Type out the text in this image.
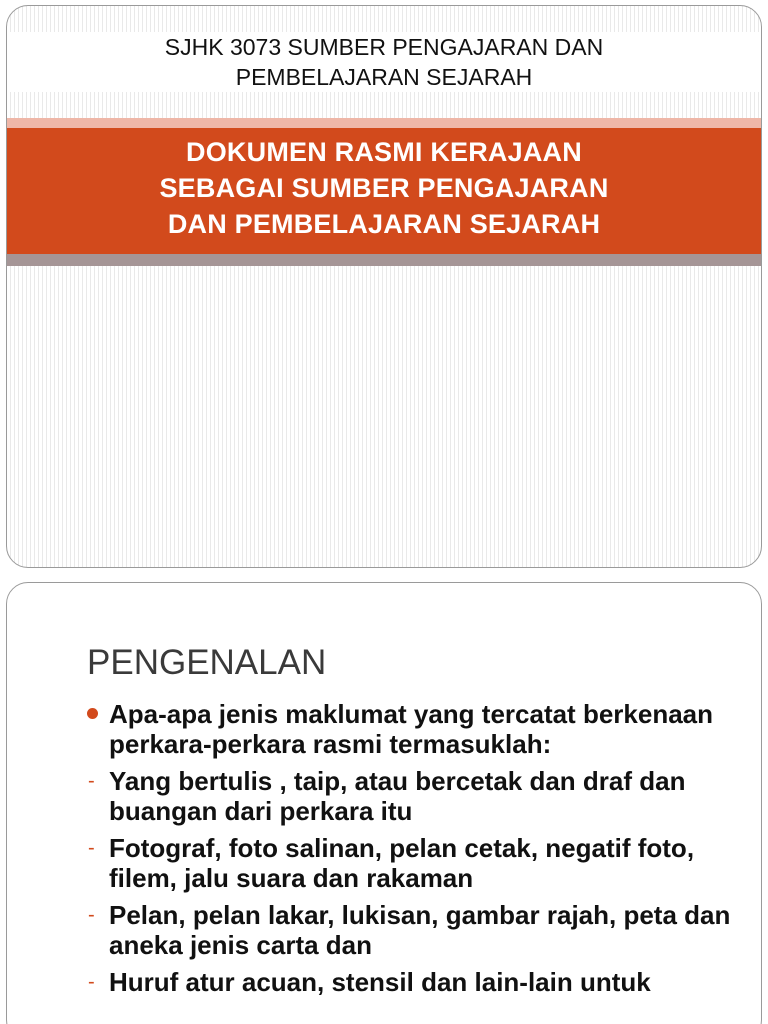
SJHK 3073 SUMBER PENGAJARAN DAN
PEMBELAJARAN SEJARAH
DOKUMEN RASMI KERAJAAN
SEBAGAI SUMBER PENGAJARAN
DAN PEMBELAJARAN SEJARAH
PENGENALAN
Apa-apa jenis maklumat yang tercatat berkenaan perkara-perkara rasmi termasuklah:
- Yang bertulis , taip, atau bercetak dan draf dan buangan dari perkara itu
- Fotograf, foto salinan, pelan cetak, negatif foto, filem, jalu suara dan rakaman
- Pelan, pelan lakar, lukisan, gambar rajah, peta dan aneka jenis carta dan
- Huruf atur acuan, stensil dan lain-lain untuk
